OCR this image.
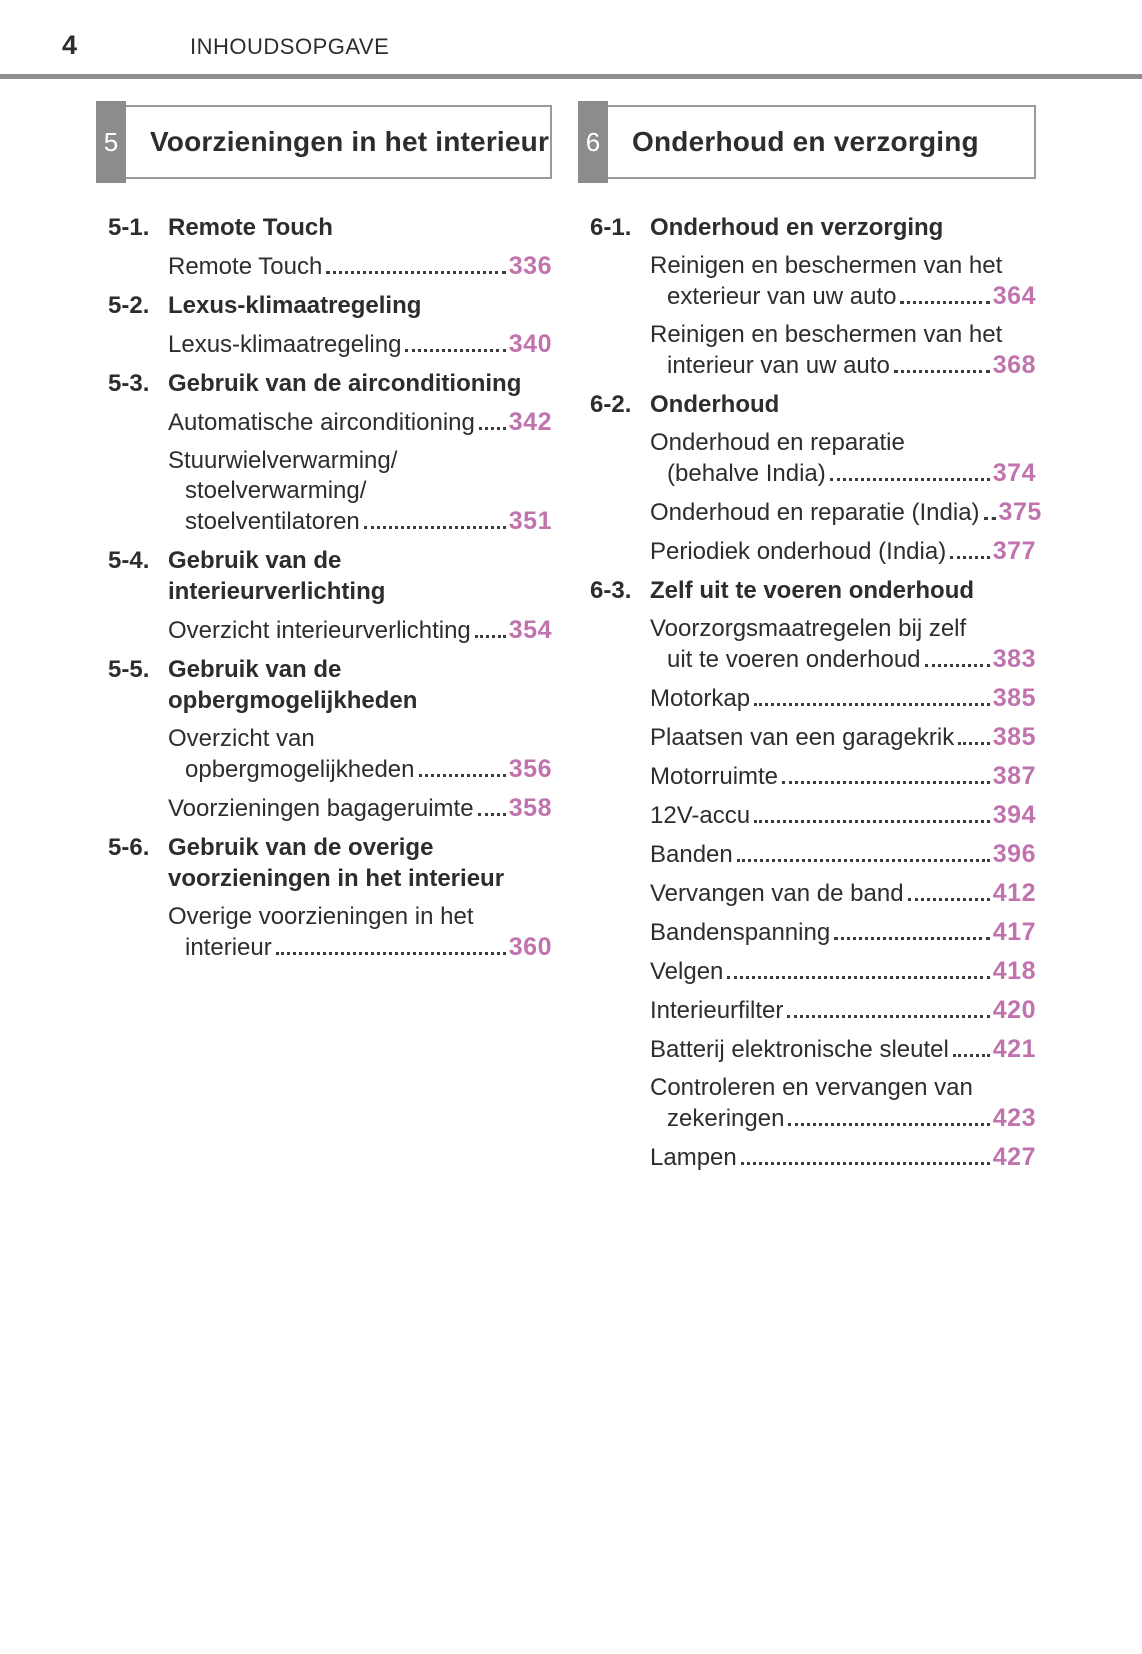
4	INHOUDSOPGAVE
5 Voorzieningen in het interieur
5-1. Remote Touch
Remote Touch	336
5-2. Lexus-klimaatregeling
Lexus-klimaatregeling	340
5-3. Gebruik van de airconditioning
Automatische airconditioning 342
Stuurwielverwarming/
stoelverwarming/
stoelventilatoren	351
5-4. Gebruik van de
interieurverlichting
Overzicht interieurverlichting 354
5-5. Gebruik van de
opbergmogelijkheden
Overzicht van
opbergmogelijkheden	356
Voorzieningen bagageruimte 358
5-6. Gebruik van de overige
voorzieningen in het interieur
Overige voorzieningen in het
interieur	360
6 Onderhoud en verzorging
6-1. Onderhoud en verzorging
Reinigen en beschermen van het
exterieur van uw auto	364
Reinigen en beschermen van het
interieur van uw auto	368
6-2. Onderhoud
Onderhoud en reparatie
(behalve India)	374
Onderhoud en reparatie (India) 375
Periodiek onderhoud (India) 377
6-3. Zelf uit te voeren onderhoud
Voorzorgsmaatregelen bij zelf
uit te voeren onderhoud	383
Motorkap	385
Plaatsen van een garagekrik 385
Motorruimte	387
12V-accu	394
Banden	396
Vervangen van de band	412
Bandenspanning	417
Velgen	418
Interieurfilter	420
Batterij elektronische sleutel 421
Controleren en vervangen van
zekeringen	423
Lampen	427
